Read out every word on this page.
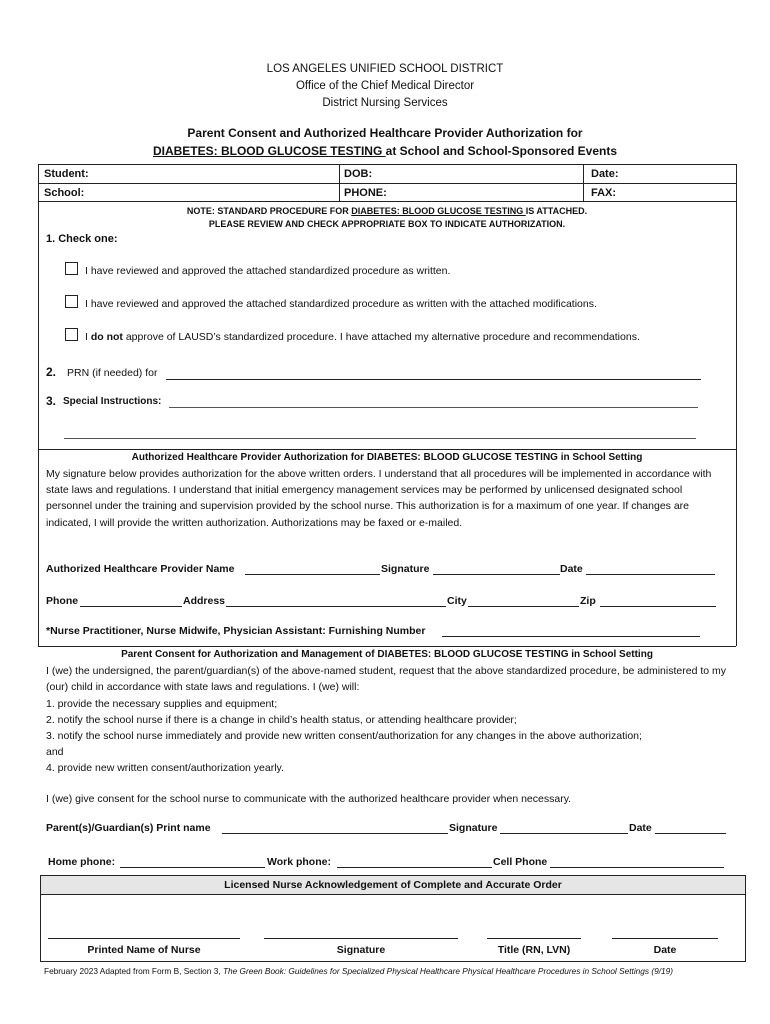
LOS ANGELES UNIFIED SCHOOL DISTRICT
Office of the Chief Medical Director
District Nursing Services
Parent Consent and Authorized Healthcare Provider Authorization for
DIABETES: BLOOD GLUCOSE TESTING at School and School-Sponsored Events
Student:	DOB:	Date:
School:	PHONE:	FAX:
NOTE: STANDARD PROCEDURE FOR DIABETES: BLOOD GLUCOSE TESTING IS ATTACHED.
PLEASE REVIEW AND CHECK APPROPRIATE BOX TO INDICATE AUTHORIZATION.
1. Check one:
I have reviewed and approved the attached standardized procedure as written.
I have reviewed and approved the attached standardized procedure as written with the attached modifications.
I do not approve of LAUSD’s standardized procedure. I have attached my alternative procedure and recommendations.
2. PRN (if needed) for
3. Special Instructions:
Authorized Healthcare Provider Authorization for DIABETES: BLOOD GLUCOSE TESTING in School Setting
My signature below provides authorization for the above written orders. I understand that all procedures will be implemented in accordance with state laws and regulations. I understand that initial emergency management services may be performed by unlicensed designated school personnel under the training and supervision provided by the school nurse. This authorization is for a maximum of one year. If changes are indicated, I will provide the written authorization. Authorizations may be faxed or e-mailed.
Authorized Healthcare Provider Name	Signature	Date
Phone	Address	City	Zip
*Nurse Practitioner, Nurse Midwife, Physician Assistant: Furnishing Number
Parent Consent for Authorization and Management of DIABETES: BLOOD GLUCOSE TESTING in School Setting
I (we) the undersigned, the parent/guardian(s) of the above-named student, request that the above standardized procedure, be administered to my (our) child in accordance with state laws and regulations. I (we) will:
1. provide the necessary supplies and equipment;
2. notify the school nurse if there is a change in child’s health status, or attending healthcare provider;
3. notify the school nurse immediately and provide new written consent/authorization for any changes in the above authorization; and
4. provide new written consent/authorization yearly.
I (we) give consent for the school nurse to communicate with the authorized healthcare provider when necessary.
Parent(s)/Guardian(s) Print name	Signature	Date
Home phone:	Work phone:	Cell Phone
Licensed Nurse Acknowledgement of Complete and Accurate Order
Printed Name of Nurse	Signature	Title (RN, LVN)	Date
February 2023 Adapted from Form B, Section 3, The Green Book: Guidelines for Specialized Physical Healthcare Physical Healthcare Procedures in School Settings (9/19)
